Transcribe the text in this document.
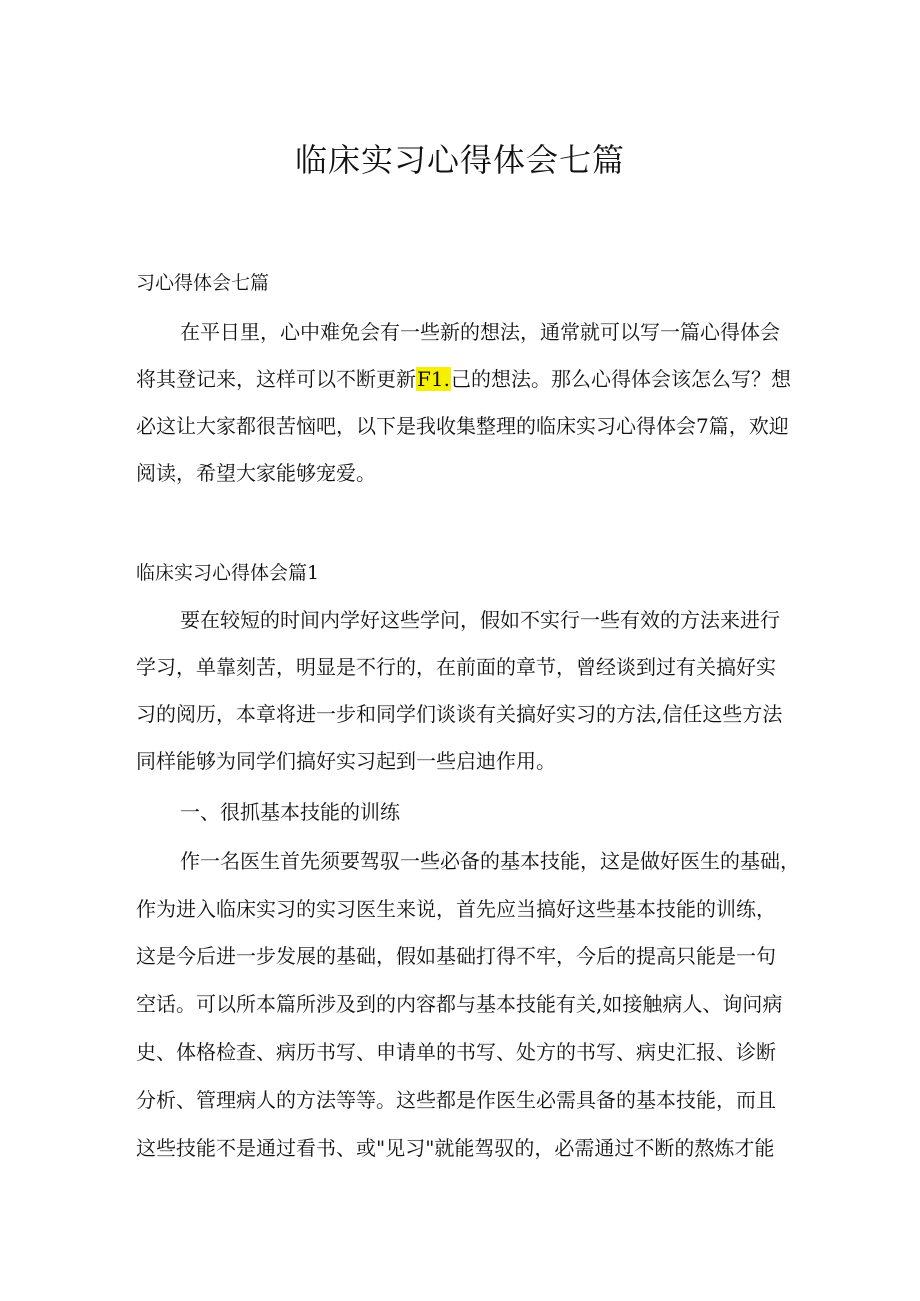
临床实习心得体会七篇
习心得体会七篇
在平日里，心中难免会有一些新的想法，通常就可以写一篇心得体会
将其登记来，这样可以不断更新F1.己的想法。那么心得体会该怎么写？想
必这让大家都很苦恼吧，以下是我收集整理的临床实习心得体会7篇，欢迎
阅读，希望大家能够宠爱。
临床实习心得体会篇1
要在较短的时间内学好这些学问，假如不实行一些有效的方法来进行
学习，单靠刻苦，明显是不行的，在前面的章节，曾经谈到过有关搞好实
习的阅历，本章将进一步和同学们谈谈有关搞好实习的方法,信任这些方法
同样能够为同学们搞好实习起到一些启迪作用。
一、很抓基本技能的训练
作一名医生首先须要驾驭一些必备的基本技能，这是做好医生的基础，
作为进入临床实习的实习医生来说，首先应当搞好这些基本技能的训练，
这是今后进一步发展的基础，假如基础打得不牢，今后的提高只能是一句
空话。可以所本篇所涉及到的内容都与基本技能有关,如接触病人、询问病
史、体格检查、病历书写、申请单的书写、处方的书写、病史汇报、诊断
分析、管理病人的方法等等。这些都是作医生必需具备的基本技能，而且
这些技能不是通过看书、或"见习"就能驾驭的，必需通过不断的熬炼才能
